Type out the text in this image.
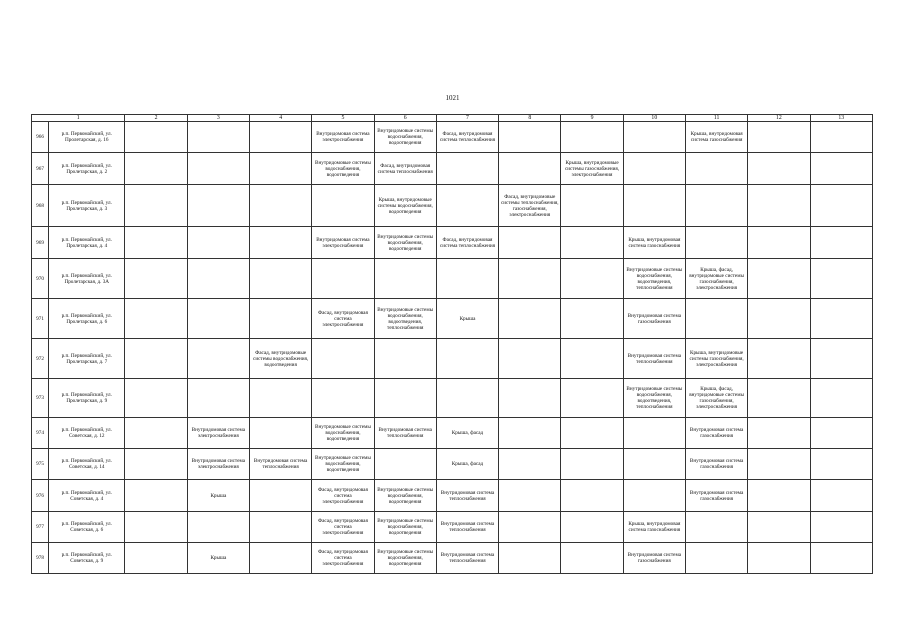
1021
1		2	3	4	5	6	7	8	9	10	11	12	13
966	р.п. Первомайский, ул. Пролетарская, д. 16				Внутридомовая система электроснабжения	Внутридомовые системы водоснабжения, водоотведения	Фасад, внутридомовая система теплоснабжения				Крыша, внутридомовая система газоснабжения		
967	р.п. Первомайский, ул. Пролетарская, д. 2				Внутридомовые системы водоснабжения, водоотведения	Фасад, внутридомовая система теплоснабжения			Крыша, внутридомовые системы газоснабжения, электроснабжения				
968	р.п. Первомайский, ул. Пролетарская, д. 3					Крыша, внутридомовые системы водоснабжения, водоотведения		Фасад, внутридомовые системы теплоснабжения, газоснабжения, электроснабжения					
969	р.п. Первомайский, ул. Пролетарская, д. 4				Внутридомовая система электроснабжения	Внутридомовые системы водоснабжения, водоотведения	Фасад, внутридомовая система теплоснабжения			Крыша, внутридомовая система газоснабжения			
970	р.п. Первомайский, ул. Пролетарская, д. 3А									Внутридомовые системы водоснабжения, водоотведения, теплоснабжения	Крыша, фасад, внутридомовые системы газоснабжения, электроснабжения		
971	р.п. Первомайский, ул. Пролетарская, д. 6				Фасад, внутридомовая система электроснабжения	Внутридомовые системы водоснабжения, водоотведения, теплоснабжения	Крыша			Внутридомовая система газоснабжения			
972	р.п. Первомайский, ул. Пролетарская, д. 7			Фасад, внутридомовые системы водоснабжения, водоотведения						Внутридомовая система теплоснабжения	Крыша, внутридомовые системы газоснабжения, электроснабжения		
973	р.п. Первомайский, ул. Пролетарская, д. 9									Внутридомовые системы водоснабжения, водоотведения, теплоснабжения	Крыша, фасад, внутридомовые системы газоснабжения, электроснабжения		
974	р.п. Первомайский, ул. Советская, д. 12		Внутридомовая система электроснабжения		Внутридомовые системы водоснабжения, водоотведения	Внутридомовая система теплоснабжения	Крыша, фасад				Внутридомовая система газоснабжения		
975	р.п. Первомайский, ул. Советская, д. 14		Внутридомовая система электроснабжения	Внутридомовая система теплоснабжения	Внутридомовые системы водоснабжения, водоотведения		Крыша, фасад				Внутридомовая система газоснабжения		
976	р.п. Первомайский, ул. Советская, д. 4		Крыша		Фасад, внутридомовая система электроснабжения	Внутридомовые системы водоснабжения, водоотведения	Внутридомовая система теплоснабжения				Внутридомовая система газоснабжения		
977	р.п. Первомайский, ул. Советская, д. 6				Фасад, внутридомовая система электроснабжения	Внутридомовые системы водоснабжения, водоотведения	Внутридомовая система теплоснабжения			Крыша, внутридомовая система газоснабжения			
978	р.п. Первомайский, ул. Советская, д. 9		Крыша		Фасад, внутридомовая система электроснабжения	Внутридомовые системы водоснабжения, водоотведения	Внутридомовая система теплоснабжения			Внутридомовая система газоснабжения			
